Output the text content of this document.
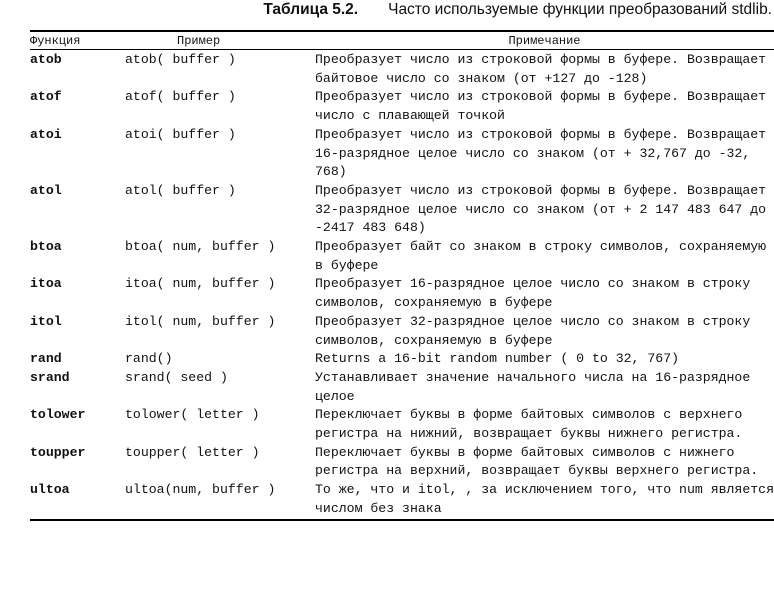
Таблица 5.2. Часто используемые функции преобразований stdlib.
Функция	Пример	Примечание
atob	atob( buffer )	Преобразует число из строковой формы в буфере. Возвращает байтовое число со знаком (от +127 до -128)
atof	atof( buffer )	Преобразует число из строковой формы в буфере. Возвращает число с плавающей точкой
atoi	atoi( buffer )	Преобразует число из строковой формы в буфере. Возвращает 16-разрядное целое число со знаком (от + 32,767 до -32, 768)
atol	atol( buffer )	Преобразует число из строковой формы в буфере. Возвращает 32-разрядное целое число со знаком (от + 2 147 483 647 до -2417 483 648)
btoa	btoa( num, buffer )	Преобразует байт со знаком в строку символов, сохраняемую в буфере
itoa	itoa( num, buffer )	Преобразует 16-разрядное целое число со знаком в строку символов, сохраняемую в буфере
itol	itol( num, buffer )	Преобразует 32-разрядное целое число со знаком в строку символов, сохраняемую в буфере
rand	rand()	Returns a 16-bit random number ( 0 to 32, 767)
srand	srand( seed )	Устанавливает значение начального числа на 16-разрядное целое
tolower	tolower( letter )	Переключает буквы в форме байтовых символов с верхнего регистра на нижний, возвращает буквы нижнего регистра.
toupper	toupper( letter )	Переключает буквы в форме байтовых символов с нижнего регистра на верхний, возвращает буквы верхнего регистра.
ultoa	ultoa(num, buffer )	То же, что и itol, , за исключением того, что num является числом без знака
